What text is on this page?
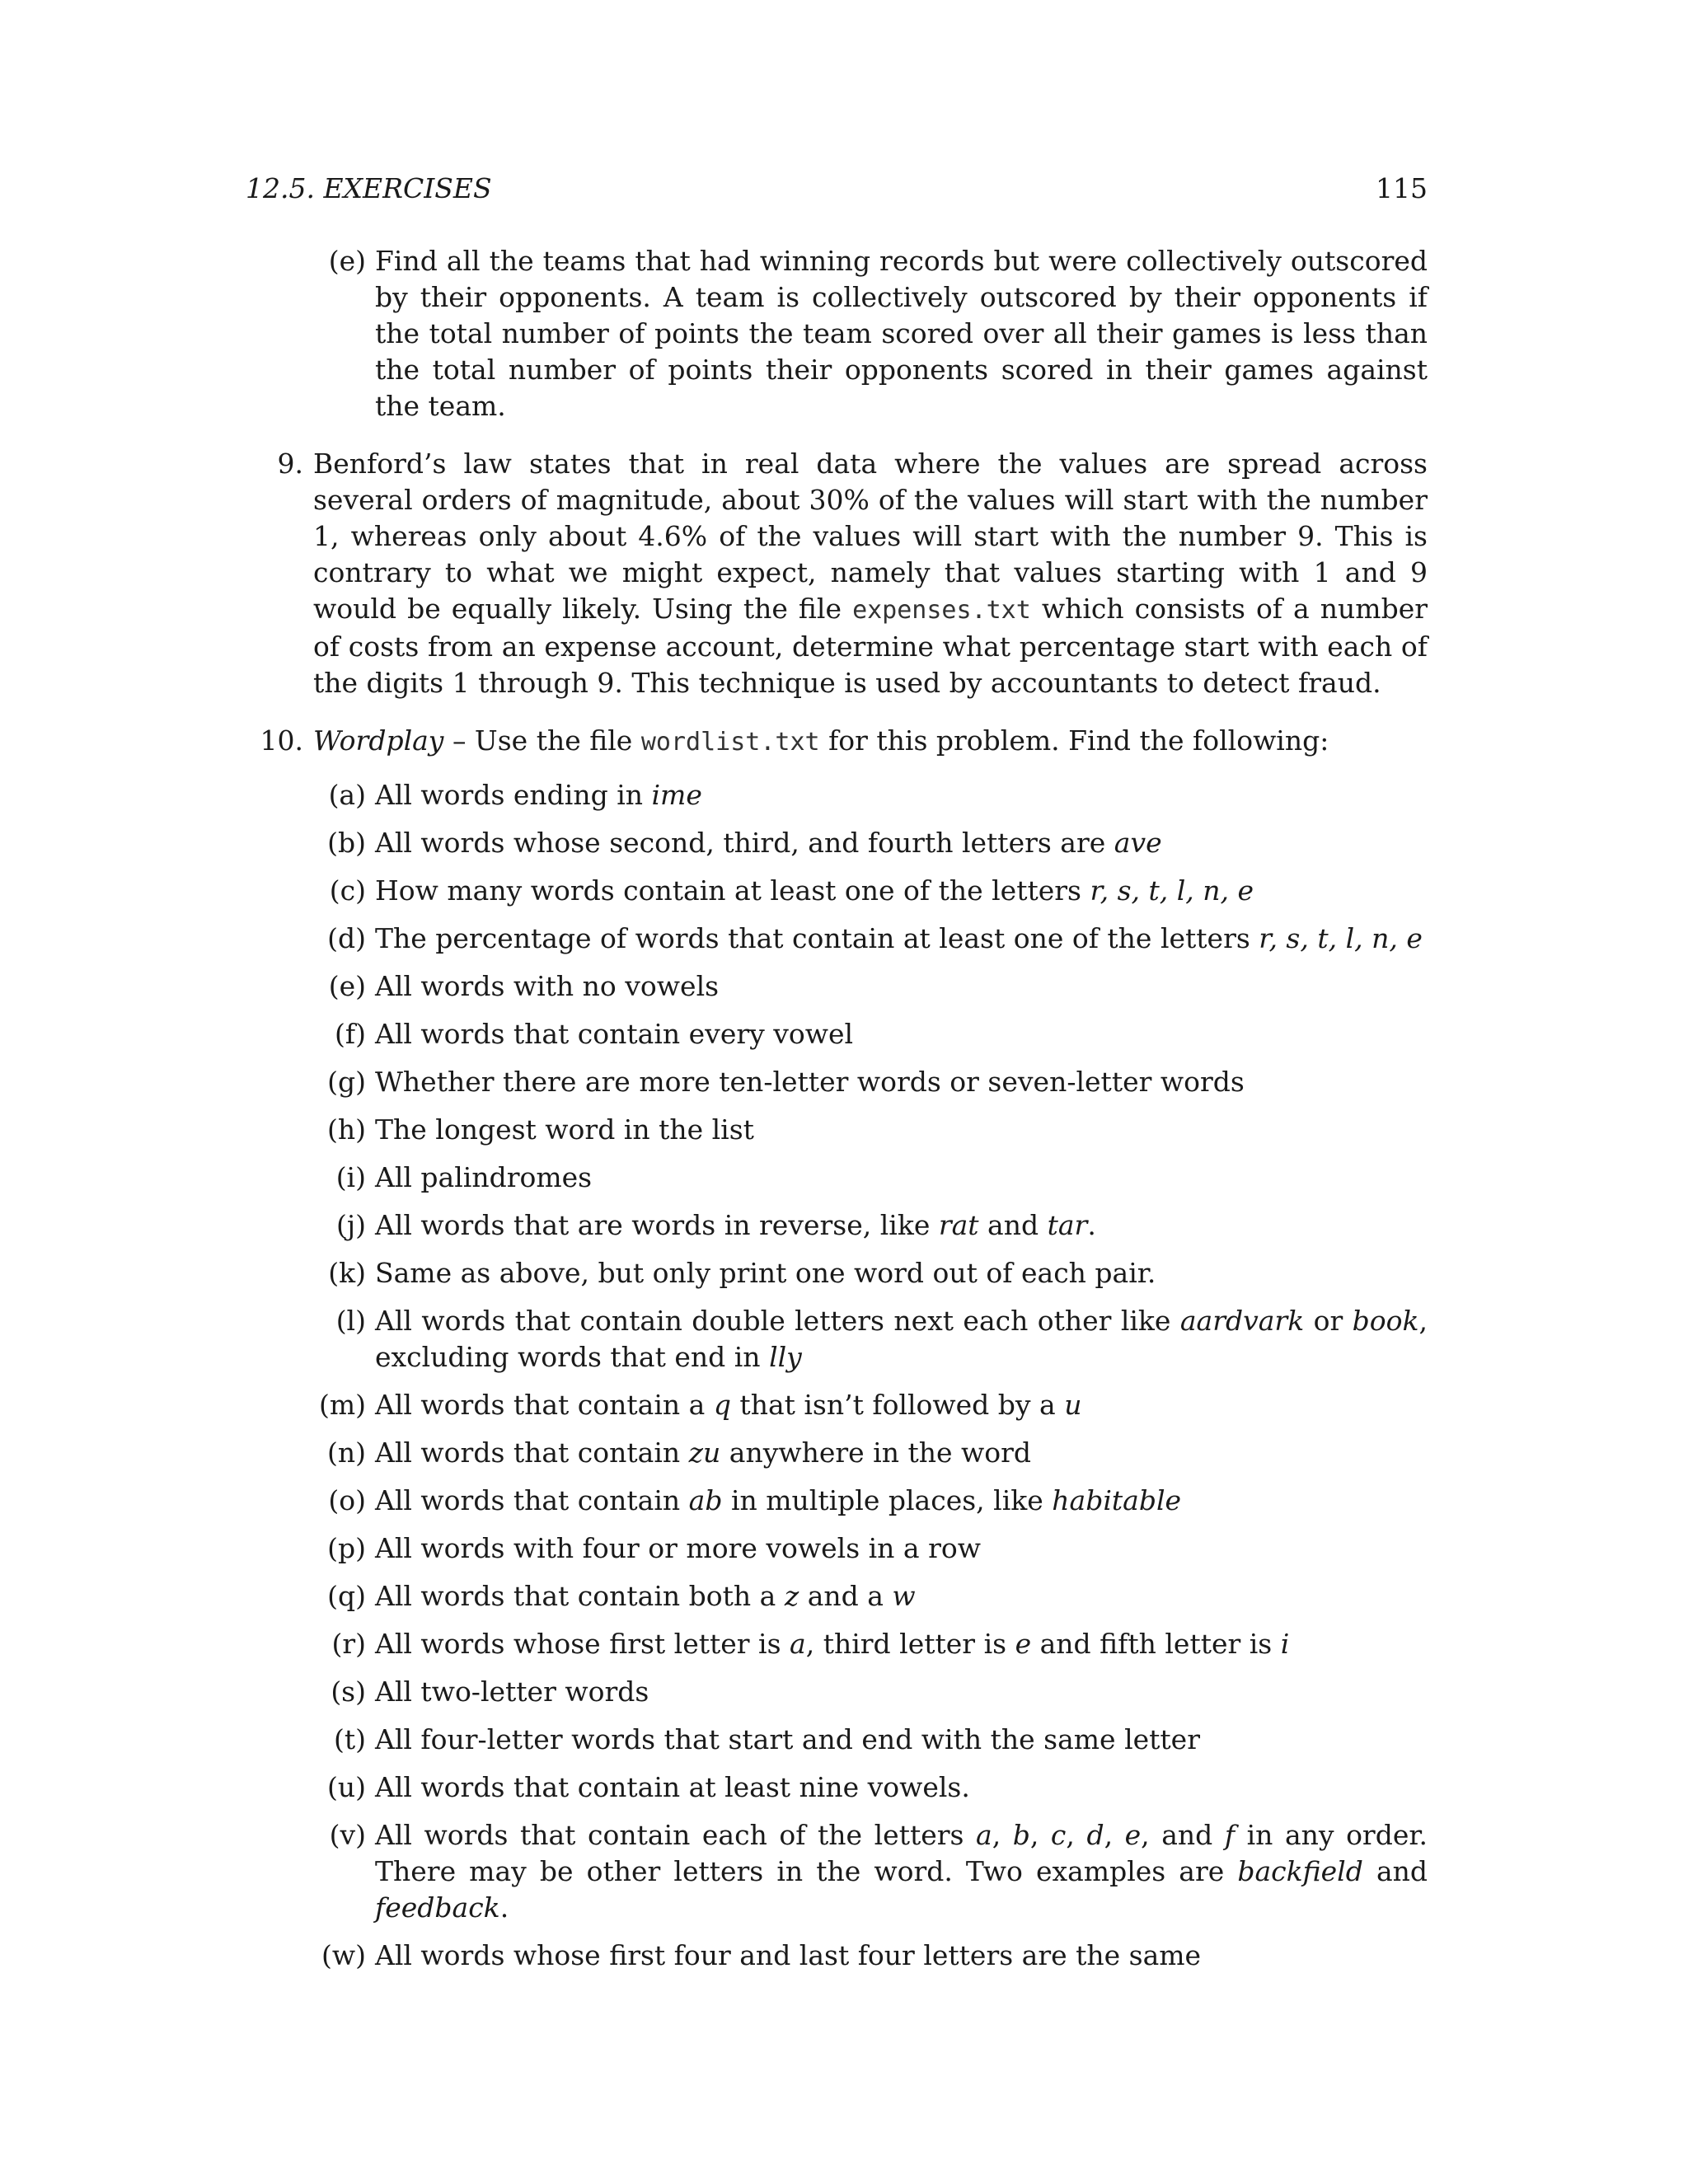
12.5. EXERCISES	115
(e) Find all the teams that had winning records but were collectively outscored by their opponents. A team is collectively outscored by their opponents if the total number of points the team scored over all their games is less than the total number of points their opponents scored in their games against the team.
9. Benford’s law states that in real data where the values are spread across several orders of magnitude, about 30% of the values will start with the number 1, whereas only about 4.6% of the values will start with the number 9. This is contrary to what we might expect, namely that values starting with 1 and 9 would be equally likely. Using the file expenses.txt which consists of a number of costs from an expense account, determine what percentage start with each of the digits 1 through 9. This technique is used by accountants to detect fraud.
10. Wordplay – Use the file wordlist.txt for this problem. Find the following:
(a) All words ending in ime
(b) All words whose second, third, and fourth letters are ave
(c) How many words contain at least one of the letters r, s, t, l, n, e
(d) The percentage of words that contain at least one of the letters r, s, t, l, n, e
(e) All words with no vowels
(f) All words that contain every vowel
(g) Whether there are more ten-letter words or seven-letter words
(h) The longest word in the list
(i) All palindromes
(j) All words that are words in reverse, like rat and tar.
(k) Same as above, but only print one word out of each pair.
(l) All words that contain double letters next each other like aardvark or book, excluding words that end in lly
(m) All words that contain a q that isn’t followed by a u
(n) All words that contain zu anywhere in the word
(o) All words that contain ab in multiple places, like habitable
(p) All words with four or more vowels in a row
(q) All words that contain both a z and a w
(r) All words whose first letter is a, third letter is e and fifth letter is i
(s) All two-letter words
(t) All four-letter words that start and end with the same letter
(u) All words that contain at least nine vowels.
(v) All words that contain each of the letters a, b, c, d, e, and f in any order. There may be other letters in the word. Two examples are backfield and feedback.
(w) All words whose first four and last four letters are the same
